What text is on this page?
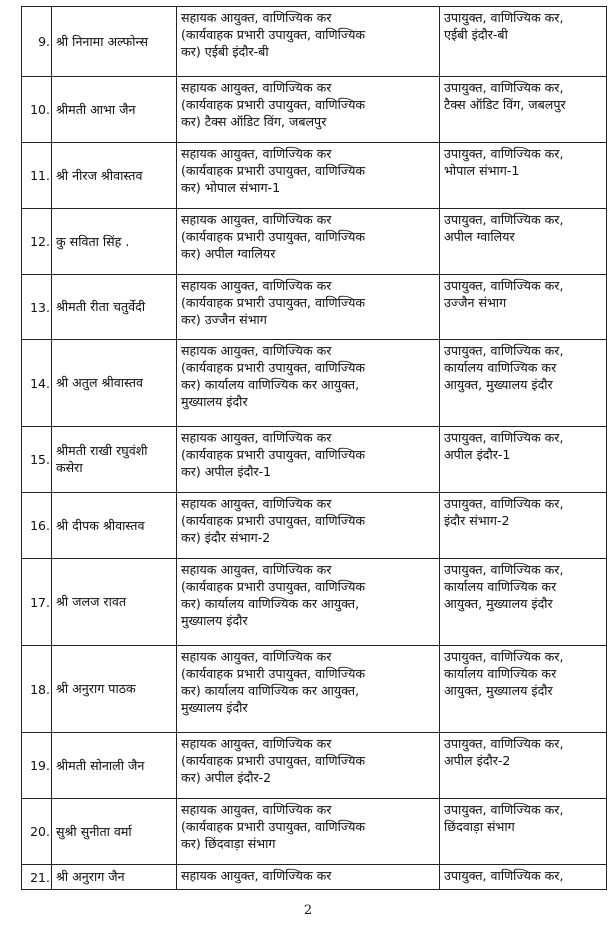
9.	श्री निनामा अल्फोन्स	सहायक आयुक्त, वाणिज्यिक कर
(कार्यवाहक प्रभारी उपायुक्त, वाणिज्यिक
कर) एईबी इंदौर-बी	उपायुक्त, वाणिज्यिक कर,
एईबी इंदौर-बी
10.	श्रीमती आभा जैन	सहायक आयुक्त, वाणिज्यिक कर
(कार्यवाहक प्रभारी उपायुक्त, वाणिज्यिक
कर) टैक्स ऑडिट विंग, जबलपुर	उपायुक्त, वाणिज्यिक कर,
टैक्स ऑडिट विंग, जबलपुर
11.	श्री नीरज श्रीवास्तव	सहायक आयुक्त, वाणिज्यिक कर
(कार्यवाहक प्रभारी उपायुक्त, वाणिज्यिक
कर) भोपाल संभाग-1	उपायुक्त, वाणिज्यिक कर,
भोपाल संभाग-1
12.	कु सविता सिंह .	सहायक आयुक्त, वाणिज्यिक कर
(कार्यवाहक प्रभारी उपायुक्त, वाणिज्यिक
कर) अपील ग्वालियर	उपायुक्त, वाणिज्यिक कर,
अपील ग्वालियर
13.	श्रीमती रीता चतुर्वेदी	सहायक आयुक्त, वाणिज्यिक कर
(कार्यवाहक प्रभारी उपायुक्त, वाणिज्यिक
कर) उज्जैन संभाग	उपायुक्त, वाणिज्यिक कर,
उज्जैन संभाग
14.	श्री अतुल श्रीवास्तव	सहायक आयुक्त, वाणिज्यिक कर
(कार्यवाहक प्रभारी उपायुक्त, वाणिज्यिक
कर) कार्यालय वाणिज्यिक कर आयुक्त,
मुख्यालय इंदौर	उपायुक्त, वाणिज्यिक कर,
कार्यालय वाणिज्यिक कर
आयुक्त, मुख्यालय इंदौर
15.	श्रीमती राखी रघुवंशी
कसेरा	सहायक आयुक्त, वाणिज्यिक कर
(कार्यवाहक प्रभारी उपायुक्त, वाणिज्यिक
कर) अपील इंदौर-1	उपायुक्त, वाणिज्यिक कर,
अपील इंदौर-1
16.	श्री दीपक श्रीवास्तव	सहायक आयुक्त, वाणिज्यिक कर
(कार्यवाहक प्रभारी उपायुक्त, वाणिज्यिक
कर) इंदौर संभाग-2	उपायुक्त, वाणिज्यिक कर,
इंदौर संभाग-2
17.	श्री जलज रावत	सहायक आयुक्त, वाणिज्यिक कर
(कार्यवाहक प्रभारी उपायुक्त, वाणिज्यिक
कर) कार्यालय वाणिज्यिक कर आयुक्त,
मुख्यालय इंदौर	उपायुक्त, वाणिज्यिक कर,
कार्यालय वाणिज्यिक कर
आयुक्त, मुख्यालय इंदौर
18.	श्री अनुराग पाठक	सहायक आयुक्त, वाणिज्यिक कर
(कार्यवाहक प्रभारी उपायुक्त, वाणिज्यिक
कर) कार्यालय वाणिज्यिक कर आयुक्त,
मुख्यालय इंदौर	उपायुक्त, वाणिज्यिक कर,
कार्यालय वाणिज्यिक कर
आयुक्त, मुख्यालय इंदौर
19.	श्रीमती सोनाली जैन	सहायक आयुक्त, वाणिज्यिक कर
(कार्यवाहक प्रभारी उपायुक्त, वाणिज्यिक
कर) अपील इंदौर-2	उपायुक्त, वाणिज्यिक कर,
अपील इंदौर-2
20.	सुश्री सुनीता वर्मा	सहायक आयुक्त, वाणिज्यिक कर
(कार्यवाहक प्रभारी उपायुक्त, वाणिज्यिक
कर) छिंदवाड़ा संभाग	उपायुक्त, वाणिज्यिक कर,
छिंदवाड़ा संभाग
21.	श्री अनुराग जैन	सहायक आयुक्त, वाणिज्यिक कर	उपायुक्त, वाणिज्यिक कर,
2
